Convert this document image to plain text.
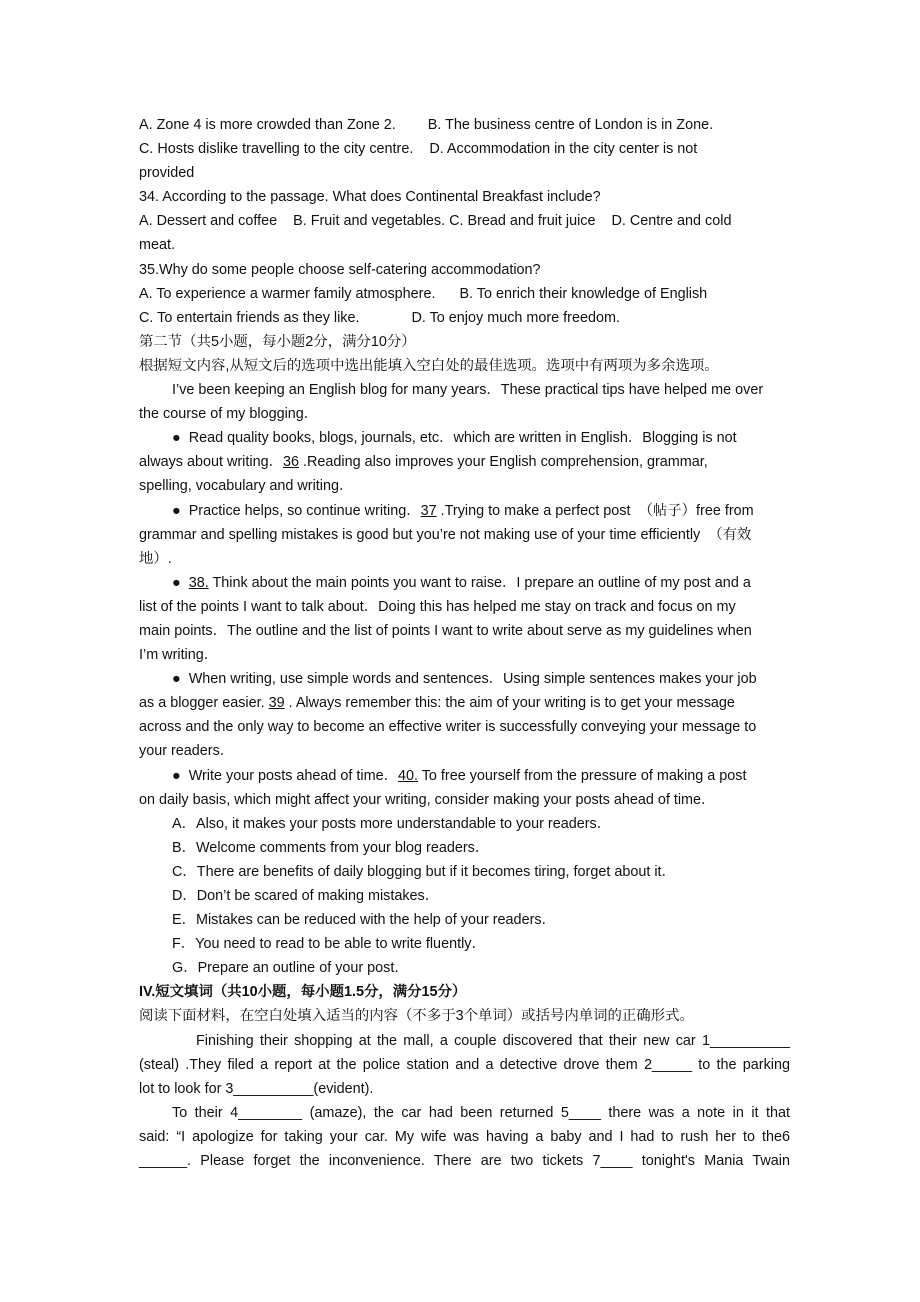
A. Zone 4 is more crowded than Zone 2.        B. The business centre of London is in Zone.
C. Hosts dislike travelling to the city centre.    D. Accommodation in the city center is not
provided
34. According to the passage. What does Continental Breakfast include?
A. Dessert and coffee    B. Fruit and vegetables. C. Bread and fruit juice    D. Centre and cold
meat.
35.Why do some people choose self-catering accommodation?
A. To experience a warmer family atmosphere.      B. To enrich their knowledge of English
C. To entertain friends as they like.             D. To enjoy much more freedom.
第二节（共5小题，每小题2分，满分10分）
根据短文内容,从短文后的选项中选出能填入空白处的最佳选项。选项中有两项为多余选项。
I’ve been keeping an English blog for many years．These practical tips have helped me over
the course of my blogging．
●  Read quality books, blogs, journals, etc．which are written in English．Blogging is not
always about writing．36 .Reading also improves your English comprehension, grammar,
spelling, vocabulary and writing．
●  Practice helps, so continue writing．37 .Trying to make a perfect post  （帖子）free from
grammar and spelling mistakes is good but you’re not making use of your time efficiently  （有效
地）.
●  38. Think about the main points you want to raise．I prepare an outline of my post and a
list of the points I want to talk about．Doing this has helped me stay on track and focus on my
main points．The outline and the list of points I want to write about serve as my guidelines when
I’m writing．
●  When writing, use simple words and sentences．Using simple sentences makes your job
as a blogger easier. 39 . Always remember this: the aim of your writing is to get your message
across and the only way to become an effective writer is successfully conveying your message to
your readers．
●  Write your posts ahead of time．40. To free yourself from the pressure of making a post
on daily basis, which might affect your writing, consider making your posts ahead of time．
A．Also, it makes your posts more understandable to your readers．
B．Welcome comments from your blog readers．
C．There are benefits of daily blogging but if it becomes tiring, forget about it．
D．Don’t be scared of making mistakes．
E．Mistakes can be reduced with the help of your readers．
F．You need to read to be able to write fluently．
G．Prepare an outline of your post．
IV.短文填词（共10小题，每小题1.5分，满分15分）
阅读下面材料，在空白处填入适当的内容（不多于3个单词）或括号内单词的正确形式。
Finishing their shopping at the mall, a couple discovered that their new car 1__________
(steal) .They filed a report at the police station and a detective drove them 2_____ to the parking
lot to look for 3__________(evident).
To their 4________ (amaze), the car had been returned 5____ there was a note in it that
said: “I apologize for taking your car. My wife was having a baby and I had to rush her to the6
______. Please forget the inconvenience. There are two tickets 7____ tonight's Mania Twain
